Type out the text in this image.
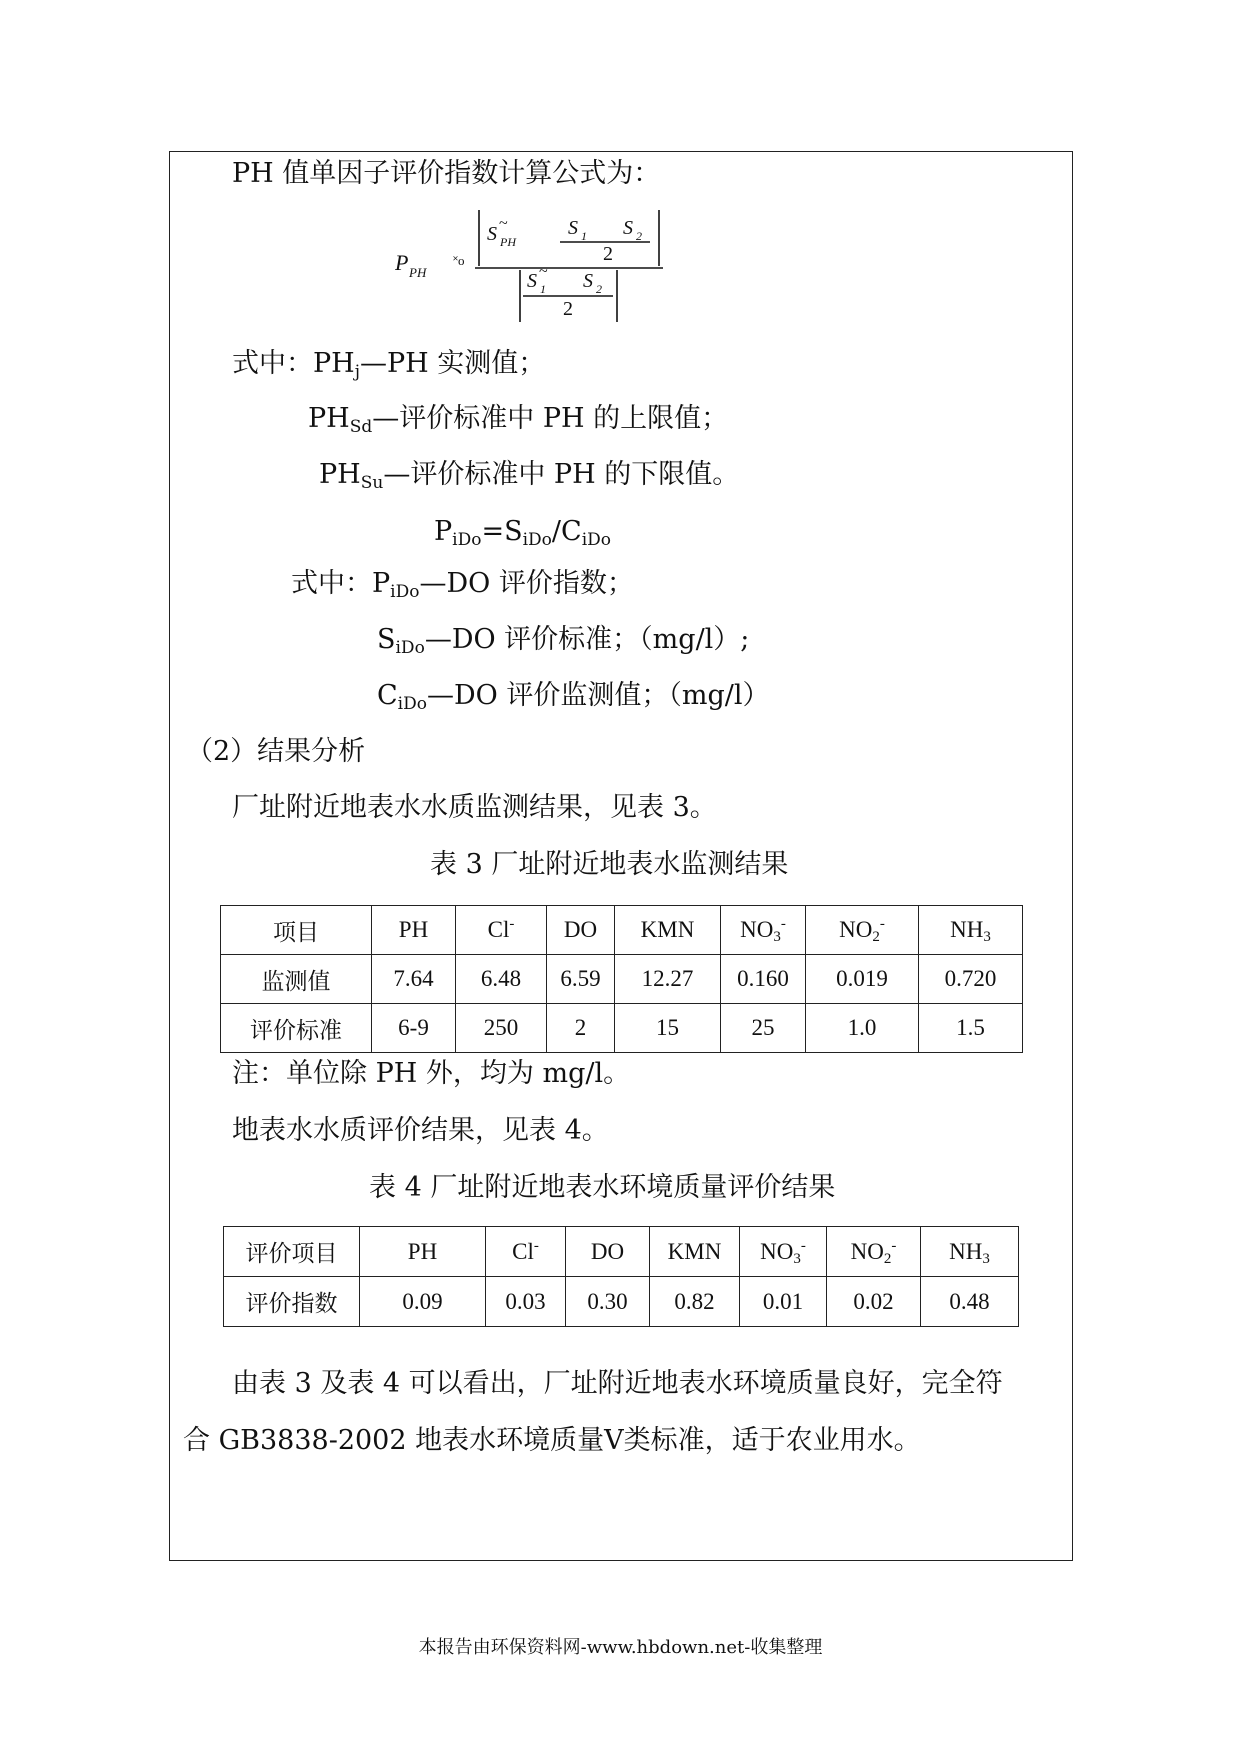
PH 值单因子评价指数计算公式为：
P PH
˟o
S PH
~	S 1 S 2
2
S 1
~ S 2
2
式中：$PH_j—PH$ 实测值；
$PH_{Sd}—$评价标准中 PH 的上限值；
$PH_{Su}—$评价标准中 PH 的下限值。
$P_{iDo}=S_{iDo}/C_{iDo}$
式中：$P_{iDo}—DO$ 评价指数；
$S_{iDo}—DO$ 评价标准；（mg/l）;
$C_{iDo}—DO$ 评价监测值；（mg/l）
（2）结果分析
厂址附近地表水水质监测结果，见表 3。
表 3 厂址附近地表水监测结果
项目	PH	Cl-	DO	KMN	$NO_3^-$	$NO_2^-$	$NH_3$
监测值	7.64	6.48	6.59	12.27	0.160	0.019	0.720
评价标准	6-9	250	2	15	25	1.0	1.5
注：单位除 PH 外，均为 mg/l。
地表水水质评价结果，见表 4。
表 4 厂址附近地表水环境质量评价结果
评价项目	PH	Cl-	DO	KMN	$NO_3^-$	$NO_2^-$	$NH_3$
评价指数	0.09	0.03	0.30	0.82	0.01	0.02	0.48
由表 3 及表 4 可以看出，厂址附近地表水环境质量良好，完全符
合 GB3838-2002 地表水环境质量Ⅴ类标准，适于农业用水。
本报告由环保资料网-www.hbdown.net-收集整理
